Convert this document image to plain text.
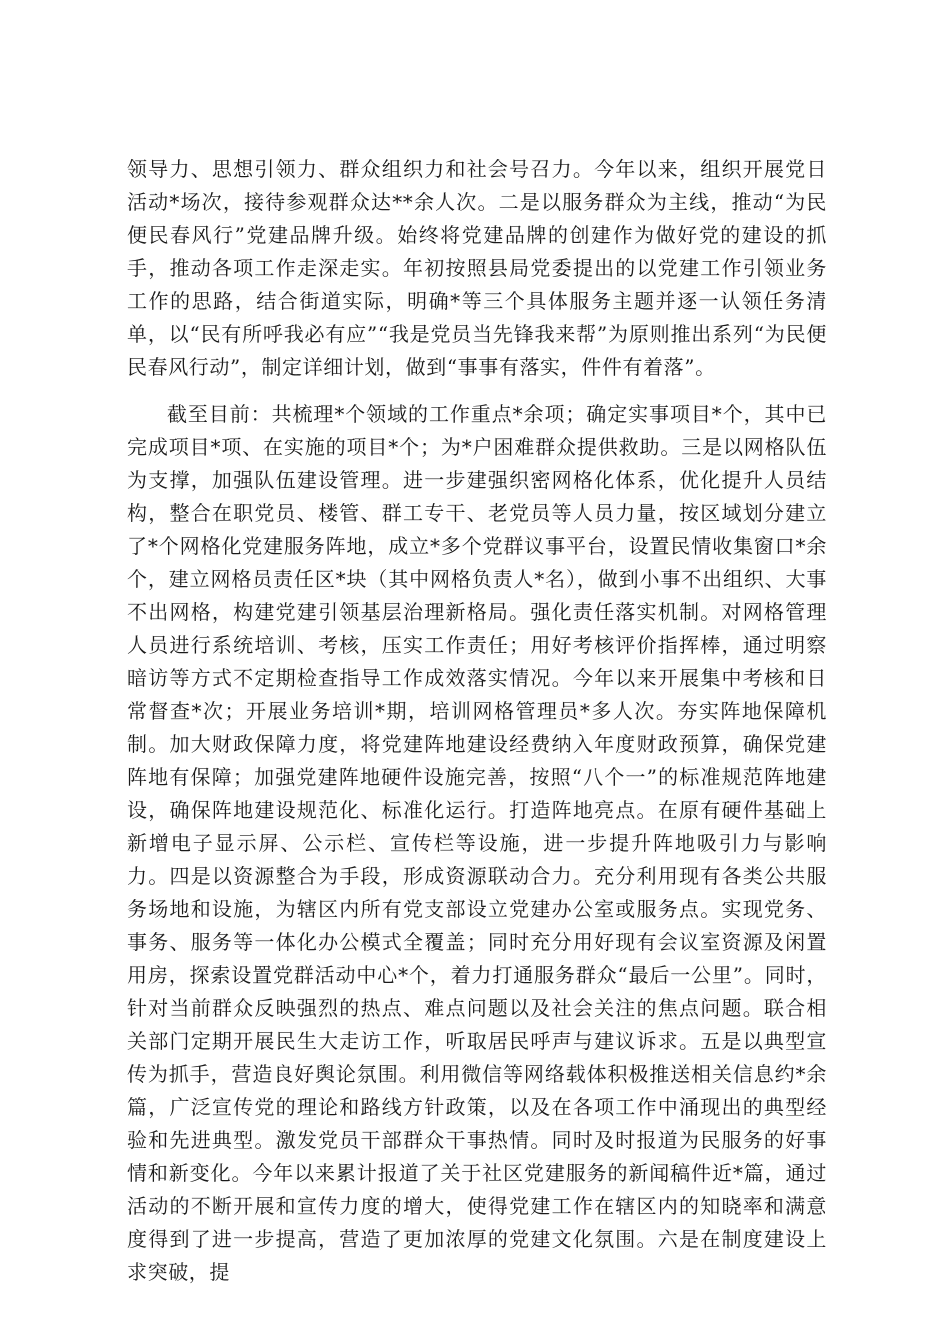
领导力、思想引领力、群众组织力和社会号召力。今年以来，组织开展党日活动*场次，接待参观群众达**余人次。二是以服务群众为主线，推动“为民便民春风行”党建品牌升级。始终将党建品牌的创建作为做好党的建设的抓手，推动各项工作走深走实。年初按照县局党委提出的以党建工作引领业务工作的思路，结合街道实际，明确*等三个具体服务主题并逐一认领任务清单，以“民有所呼我必有应”“我是党员当先锋我来帮”为原则推出系列“为民便民春风行动”，制定详细计划，做到“事事有落实，件件有着落”。

截至目前：共梳理*个领域的工作重点*余项；确定实事项目*个，其中已完成项目*项、在实施的项目*个；为*户困难群众提供救助。三是以网格队伍为支撑，加强队伍建设管理。进一步建强织密网格化体系，优化提升人员结构，整合在职党员、楼管、群工专干、老党员等人员力量，按区域划分建立了*个网格化党建服务阵地，成立*多个党群议事平台，设置民情收集窗口*余个，建立网格员责任区*块（其中网格负责人*名），做到小事不出组织、大事不出网格，构建党建引领基层治理新格局。强化责任落实机制。对网格管理人员进行系统培训、考核，压实工作责任；用好考核评价指挥棒，通过明察暗访等方式不定期检查指导工作成效落实情况。今年以来开展集中考核和日常督查*次；开展业务培训*期，培训网格管理员*多人次。夯实阵地保障机制。加大财政保障力度，将党建阵地建设经费纳入年度财政预算，确保党建阵地有保障；加强党建阵地硬件设施完善，按照“八个一”的标准规范阵地建设，确保阵地建设规范化、标准化运行。打造阵地亮点。在原有硬件基础上新增电子显示屏、公示栏、宣传栏等设施，进一步提升阵地吸引力与影响力。四是以资源整合为手段，形成资源联动合力。充分利用现有各类公共服务场地和设施，为辖区内所有党支部设立党建办公室或服务点。实现党务、事务、服务等一体化办公模式全覆盖；同时充分用好现有会议室资源及闲置用房，探索设置党群活动中心*个，着力打通服务群众“最后一公里”。同时，针对当前群众反映强烈的热点、难点问题以及社会关注的焦点问题。联合相关部门定期开展民生大走访工作，听取居民呼声与建议诉求。五是以典型宣传为抓手，营造良好舆论氛围。利用微信等网络载体积极推送相关信息约*余篇，广泛宣传党的理论和路线方针政策，以及在各项工作中涌现出的典型经验和先进典型。激发党员干部群众干事热情。同时及时报道为民服务的好事情和新变化。今年以来累计报道了关于社区党建服务的新闻稿件近*篇，通过活动的不断开展和宣传力度的增大，使得党建工作在辖区内的知晓率和满意度得到了进一步提高，营造了更加浓厚的党建文化氛围。六是在制度建设上求突破，提
